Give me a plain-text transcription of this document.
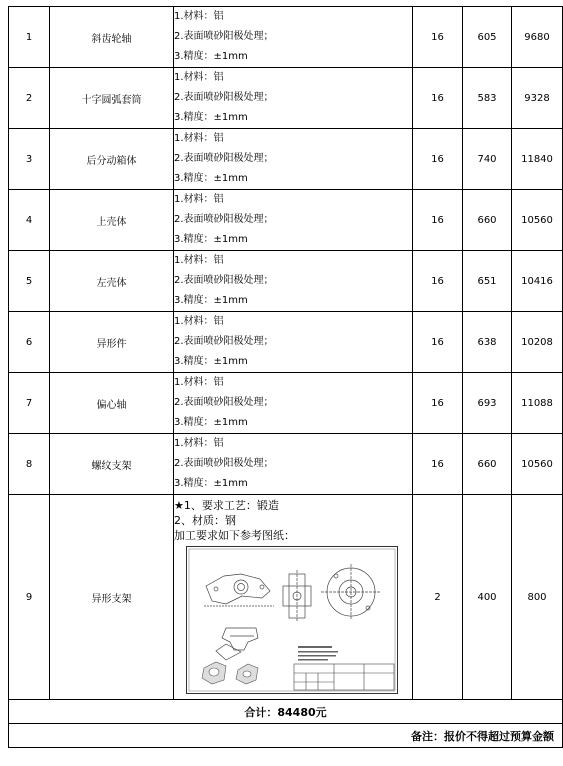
1	斜齿轮轴	1.材料：铝
2.表面喷砂阳极处理；
3.精度：±1mm	16	605	9680
2	十字圆弧套筒	1.材料：铝
2.表面喷砂阳极处理；
3.精度：±1mm	16	583	9328
3	后分动箱体	1.材料：铝
2.表面喷砂阳极处理；
3.精度：±1mm	16	740	11840
4	上壳体	1.材料：铝
2.表面喷砂阳极处理；
3.精度：±1mm	16	660	10560
5	左壳体	1.材料：铝
2.表面喷砂阳极处理；
3.精度：±1mm	16	651	10416
6	异形件	1.材料：铝
2.表面喷砂阳极处理；
3.精度：±1mm	16	638	10208
7	偏心轴	1.材料：铝
2.表面喷砂阳极处理；
3.精度：±1mm	16	693	11088
8	螺纹支架	1.材料：铝
2.表面喷砂阳极处理；
3.精度：±1mm	16	660	10560
9	异形支架	★1、要求工艺：锻造
2、材质：钢
加工要求如下参考图纸：	2	400	800
合计：84480元					
备注：报价不得超过预算金额					
